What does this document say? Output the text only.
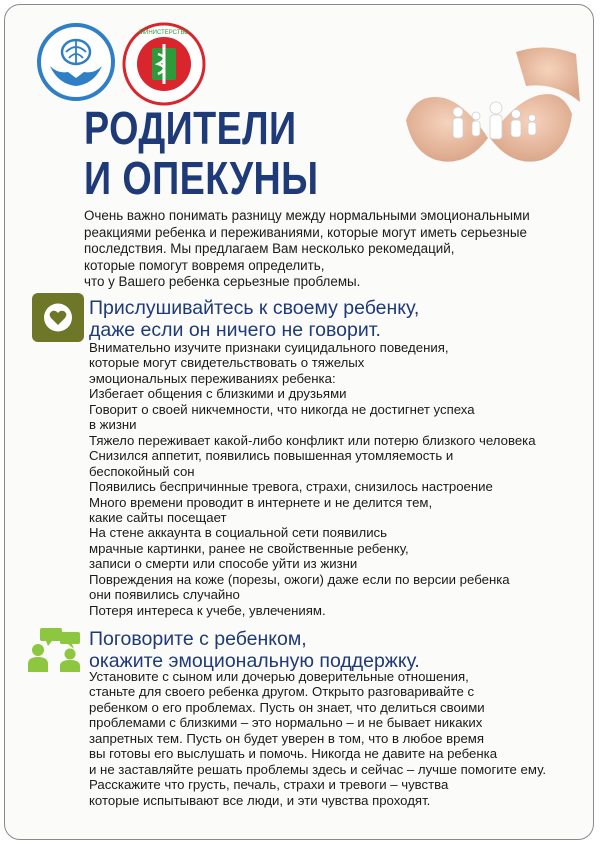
МИНИСТЕРСТВО
РОДИТЕЛИ
И ОПЕКУНЫ
Очень важно понимать разницу между нормальными эмоциональными
реакциями ребенка и переживаниями, которые могут иметь серьезные
последствия. Мы предлагаем Вам несколько рекомедаций,
которые помогут вовремя определить,
что у Вашего ребенка серьезные проблемы.
Прислушивайтесь к своему ребенку,
даже если он ничего не говорит.
Внимательно изучите признаки суицидального поведения,
которые могут свидетельствовать о тяжелых
эмоциональных переживаниях ребенка:
Избегает общения с близкими и друзьями
Говорит о своей никчемности, что никогда не достигнет успеха
в жизни
Тяжело переживает какой-либо конфликт или потерю близкого человека
Снизился аппетит, появились повышенная утомляемость и
беспокойный сон
Появились беспричинные тревога, страхи, снизилось настроение
Много времени проводит в интернете и не делится тем,
какие сайты посещает
На стене аккаунта в социальной сети появились
мрачные картинки, ранее не свойственные ребенку,
записи о смерти или способе уйти из жизни
Повреждения на коже (порезы, ожоги) даже если по версии ребенка
они появились случайно
Потеря интереса к учебе, увлечениям.
Поговорите с ребенком,
окажите эмоциональную поддержку.
Установите с сыном или дочерью доверительные отношения,
станьте для своего ребенка другом. Открыто разговаривайте с
ребенком о его проблемах. Пусть он знает, что делиться своими
проблемами с близкими – это нормально – и не бывает никаких
запретных тем. Пусть он будет уверен в том, что в любое время
вы готовы его выслушать и помочь. Никогда не давите на ребенка
и не заставляйте решать проблемы здесь и сейчас – лучше помогите ему.
Расскажите что грусть, печаль, страхи и тревоги – чувства
которые испытывают все люди, и эти чувства проходят.
